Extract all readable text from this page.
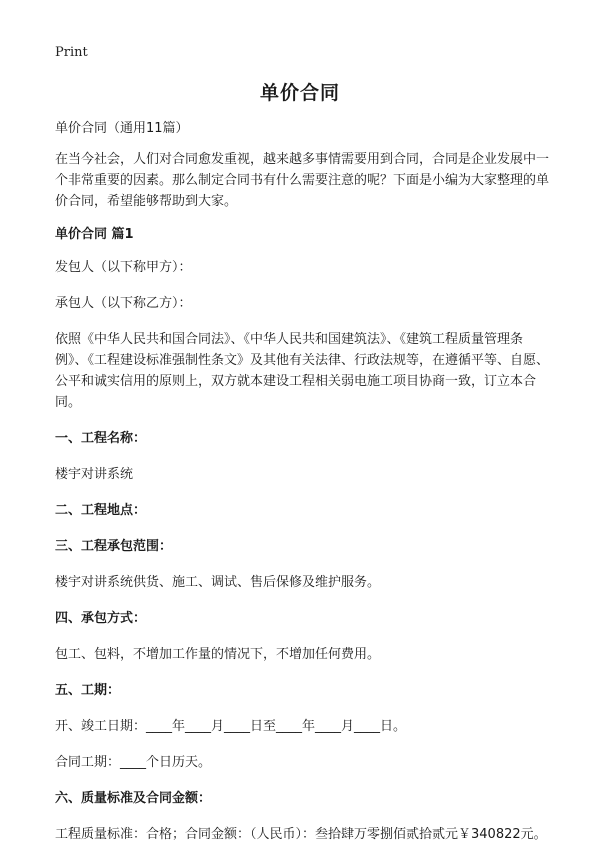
Print
单价合同

单价合同（通用11篇）

在当今社会，人们对合同愈发重视，越来越多事情需要用到合同，合同是企业发展中一个非常重要的因素。那么制定合同书有什么需要注意的呢？下面是小编为大家整理的单价合同，希望能够帮助到大家。

单价合同 篇1

发包人（以下称甲方）：

承包人（以下称乙方）：

依照《中华人民共和国合同法》、《中华人民共和国建筑法》、《建筑工程质量管理条例》、《工程建设标准强制性条文》及其他有关法律、行政法规等，在遵循平等、自愿、公平和诚实信用的原则上，双方就本建设工程相关弱电施工项目协商一致，订立本合同。

一、工程名称：

楼宇对讲系统

二、工程地点：
三、工程承包范围：

楼宇对讲系统供货、施工、调试、售后保修及维护服务。

四、承包方式：

包工、包料，不增加工作量的情况下，不增加任何费用。

五、工期：

开、竣工日期：____年____月____日至____年____月____日。

合同工期：____个日历天。

六、质量标准及合同金额：

工程质量标准：合格；合同金额：（人民币）：叁拾肆万零捌佰贰拾贰元￥340822元。
